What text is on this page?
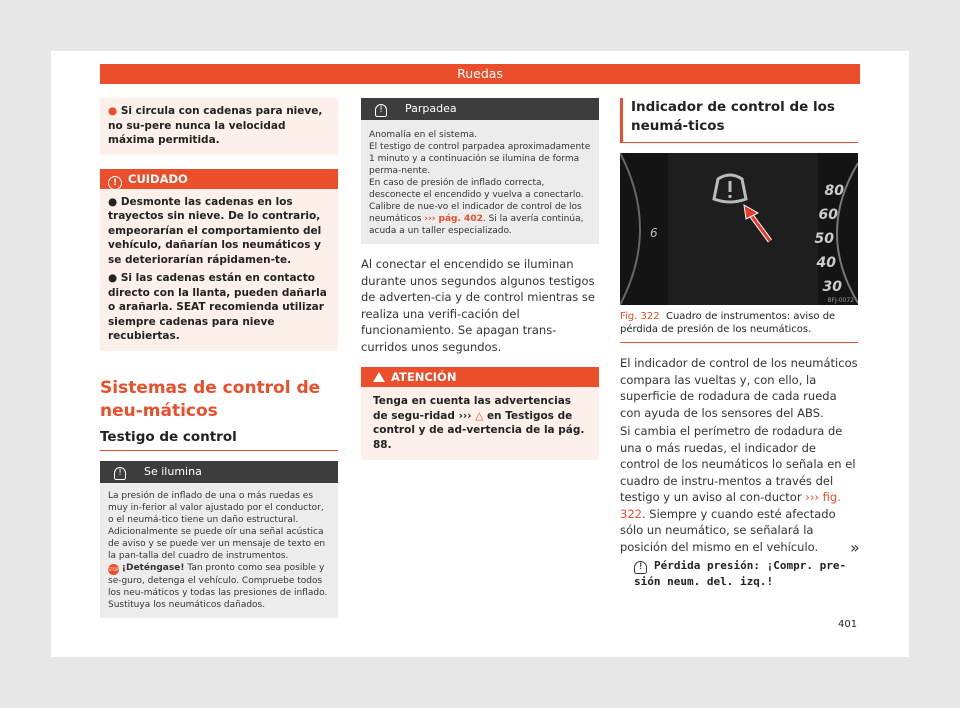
Ruedas
● Si circula con cadenas para nieve, no su-pere nunca la velocidad máxima permitida.
! CUIDADO
● Desmonte las cadenas en los trayectos sin nieve. De lo contrario, empeorarían el comportamiento del vehículo, dañarían los neumáticos y se deteriorarían rápidamen-te.
● Si las cadenas están en contacto directo con la llanta, pueden dañarla o arañarla. SEAT recomienda utilizar siempre cadenas para nieve recubiertas.
Sistemas de control de neu-máticos
Testigo de control
! Se ilumina
La presión de inflado de una o más ruedas es muy in-ferior al valor ajustado por el conductor, o el neumá-tico tiene un daño estructural.
Adicionalmente se puede oír una señal acústica de aviso y se puede ver un mensaje de texto en la pan-talla del cuadro de instrumentos.
STOP ¡Deténgase! Tan pronto como sea posible y se-guro, detenga el vehículo. Compruebe todos los neu-máticos y todas las presiones de inflado. Sustituya los neumáticos dañados.
! Parpadea
Anomalía en el sistema.
El testigo de control parpadea aproximadamente 1 minuto y a continuación se ilumina de forma perma-nente.
En caso de presión de inflado correcta, desconecte el encendido y vuelva a conectarlo. Calibre de nue-vo el indicador de control de los neumáticos ››› pág. 402. Si la avería continúa, acuda a un taller especializado.
Al conectar el encendido se iluminan durante unos segundos algunos testigos de adverten-cia y de control mientras se realiza una verifi-cación del funcionamiento. Se apagan trans-curridos unos segundos.
ATENCIÓN
Tenga en cuenta las advertencias de segu-ridad ››› △ en Testigos de control y de ad-vertencia de la pág. 88.
Indicador de control de los neumá-ticos
80
60
50
40
30
6
BFJ-0072
Fig. 322 Cuadro de instrumentos: aviso de pérdida de presión de los neumáticos.
El indicador de control de los neumáticos compara las vueltas y, con ello, la superficie de rodadura de cada rueda con ayuda de los sensores del ABS.
Si cambia el perímetro de rodadura de una o más ruedas, el indicador de control de los neumáticos lo señala en el cuadro de instru-mentos a través del testigo y un aviso al con-ductor ››› fig. 322. Siempre y cuando esté afectado sólo un neumático, se señalará la posición del mismo en el vehículo.
! Pérdida presión: ¡Compr. pre-sión neum. del. izq.!
»
401
